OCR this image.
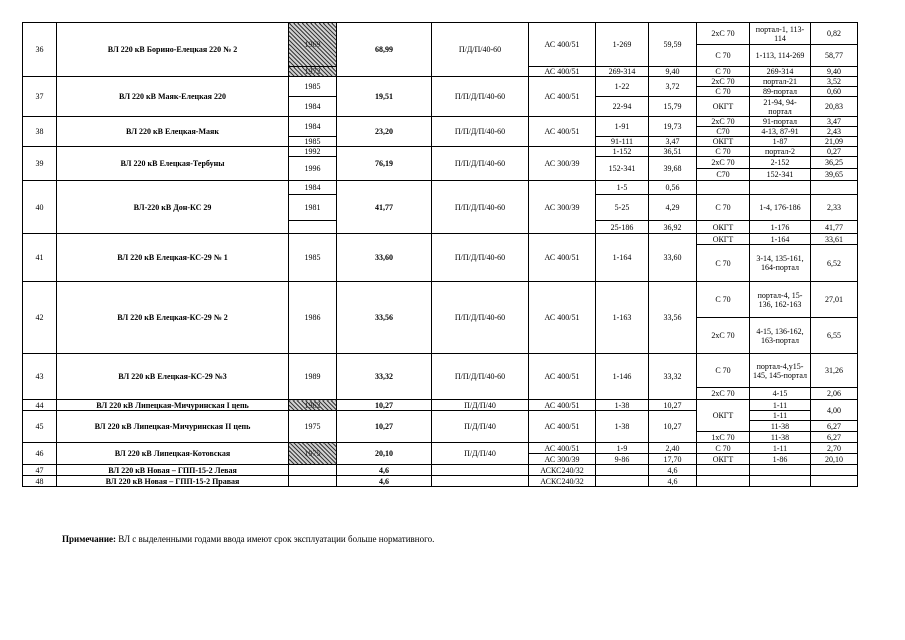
36	ВЛ 220 кВ Борино-Елецкая 220 № 2	1969	68,99	П/Д/П/40-60	АС 400/51	1-269	59,59	2хС 70	портал-1, 113-114	0,82
								С 70	1-113, 114-269	58,77
		1972			АС 400/51	269-314	9,40	С 70	269-314	9,40
37	ВЛ 220 кВ Маяк-Елецкая 220	1985	19,51	П/П/Д/П/40-60	АС 400/51	1-22	3,72	2хС 70	портал-21	3,52
								С 70	89-портал	0,60
		1984				22-94	15,79	ОКГТ	21-94, 94-портал	20,83
38	ВЛ 220 кВ Елецкая-Маяк	1984	23,20	П/П/Д/П/40-60	АС 400/51	1-91	19,73	2хС 70	91-портал	3,47
								С70	4-13, 87-91	2,43
		1985				91-111	3,47	ОКГТ	1-87	21,09
39	ВЛ 220 кВ Елецкая-Тербуны	1992	76,19	П/П/Д/П/40-60	АС 300/39	1-152	36,51	С 70	портал-2	0,27
		1996				152-341	39,68	2хС 70	2-152	36,25
								С70	152-341	39,65
40	ВЛ-220 кВ Дон-КС 29	1984	41,77	П/П/Д/П/40-60	АС 300/39	1-5	0,56			
		1981				5-25	4,29	С 70	1-4, 176-186	2,33
						25-186	36,92	ОКГТ	1-176	41,77
41	ВЛ 220 кВ Елецкая-КС-29 № 1	1985	33,60	П/П/Д/П/40-60	АС 400/51	1-164	33,60	ОКГТ	1-164	33,61
								С 70	3-14, 135-161, 164-портал	6,52
42	ВЛ 220 кВ Елецкая-КС-29 № 2	1986	33,56	П/П/Д/П/40-60	АС 400/51	1-163	33,56	С 70	портал-4, 15-136, 162-163	27,01
								2хС 70	4-15, 136-162, 163-портал	6,55
43	ВЛ 220 кВ Елецкая-КС-29 №3	1989	33,32	П/П/Д/П/40-60	АС 400/51	1-146	33,32	С 70	портал-4,у15-145, 145-портал	31,26
								2хС 70	4-15	2,06
44	ВЛ 220 кВ Липецкая-Мичуринская I цепь	1962	10,27	П/Д/П/40	АС 400/51	1-38	10,27	ОКГТ	1-11	4,00
45	ВЛ 220 кВ Липецкая-Мичуринская II цепь	1975	10,27	П/Д/П/40	АС 400/51	1-38	10,27		1-11	
									11-38	6,27
								1хС 70	11-38	6,27
46	ВЛ 220 кВ Липецкая-Котовская	1975	20,10	П/Д/П/40	АС 400/51	1-9	2,40	С 70	1-11	2,70
					АС 300/39	9-86	17,70	ОКГТ	1-86	20,10
47	ВЛ 220 кВ Новая – ГПП-15-2 Левая		4,6		АСКС240/32		4,6			
48	ВЛ 220 кВ Новая – ГПП-15-2 Правая		4,6		АСКС240/32		4,6			
Примечание: ВЛ с выделенными годами ввода имеют срок эксплуатации больше нормативного.
